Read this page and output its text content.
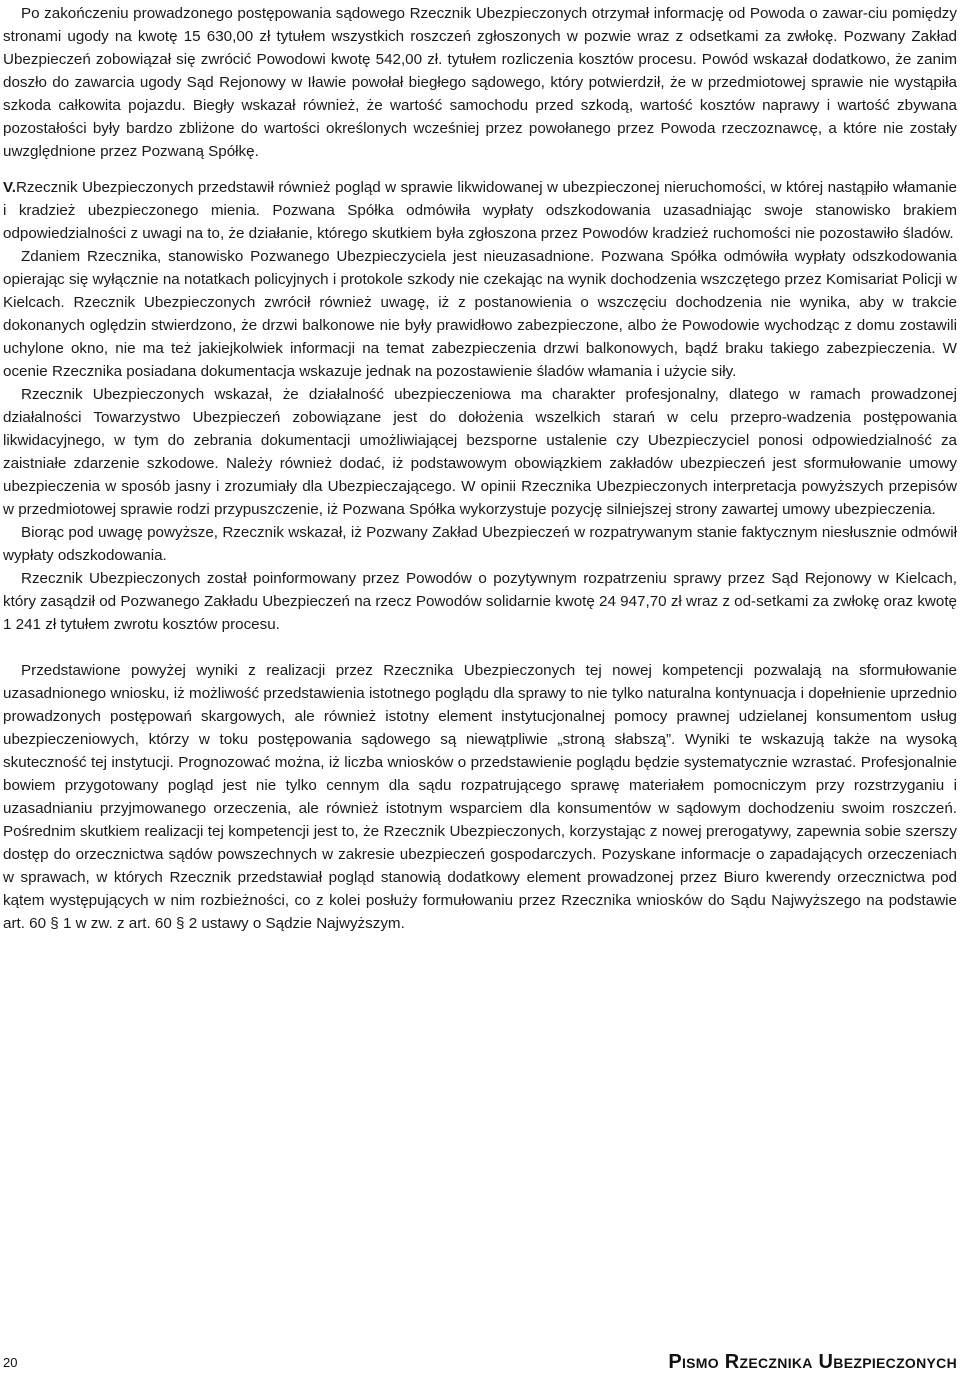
Po zakończeniu prowadzonego postępowania sądowego Rzecznik Ubezpieczonych otrzymał informację od Powoda o zawar-ciu pomiędzy stronami ugody na kwotę 15 630,00 zł tytułem wszystkich roszczeń zgłoszonych w pozwie wraz z odsetkami za zwłokę. Pozwany Zakład Ubezpieczeń zobowiązał się zwrócić Powodowi kwotę 542,00 zł. tytułem rozliczenia kosztów procesu. Powód wskazał dodatkowo, że zanim doszło do zawarcia ugody Sąd Rejonowy w Iławie powołał biegłego sądowego, który potwierdził, że w przedmiotowej sprawie nie wystąpiła szkoda całkowita pojazdu. Biegły wskazał również, że wartość samochodu przed szkodą, wartość kosztów naprawy i wartość zbywana pozostałości były bardzo zbliżone do wartości określonych wcześniej przez powołanego przez Powoda rzeczoznawcę, a które nie zostały uwzględnione przez Pozwaną Spółkę.

V.Rzecznik Ubezpieczonych przedstawił również pogląd w sprawie likwidowanej w ubezpieczonej nieruchomości, w której nastąpiło włamanie i kradzież ubezpieczonego mienia. Pozwana Spółka odmówiła wypłaty odszkodowania uzasadniając swoje stanowisko brakiem odpowiedzialności z uwagi na to, że działanie, którego skutkiem była zgłoszona przez Powodów kradzież ruchomości nie pozostawiło śladów.

Zdaniem Rzecznika, stanowisko Pozwanego Ubezpieczyciela jest nieuzasadnione. Pozwana Spółka odmówiła wypłaty odszkodowania opierając się wyłącznie na notatkach policyjnych i protokole szkody nie czekając na wynik dochodzenia wszczętego przez Komisariat Policji w Kielcach. Rzecznik Ubezpieczonych zwrócił również uwagę, iż z postanowienia o wszczęciu dochodzenia nie wynika, aby w trakcie dokonanych oględzin stwierdzono, że drzwi balkonowe nie były prawidłowo zabezpieczone, albo że Powodowie wychodząc z domu zostawili uchylone okno, nie ma też jakiejkolwiek informacji na temat zabezpieczenia drzwi balkonowych, bądź braku takiego zabezpieczenia. W ocenie Rzecznika posiadana dokumentacja wskazuje jednak na pozostawienie śladów włamania i użycie siły.

Rzecznik Ubezpieczonych wskazał, że działalność ubezpieczeniowa ma charakter profesjonalny, dlatego w ramach prowadzonej działalności Towarzystwo Ubezpieczeń zobowiązane jest do dołożenia wszelkich starań w celu przepro-wadzenia postępowania likwidacyjnego, w tym do zebrania dokumentacji umożliwiającej bezsporne ustalenie czy Ubezpieczyciel ponosi odpowiedzialność za zaistniałe zdarzenie szkodowe. Należy również dodać, iż podstawowym obowiązkiem zakładów ubezpieczeń jest sformułowanie umowy ubezpieczenia w sposób jasny i zrozumiały dla Ubezpieczającego. W opinii Rzecznika Ubezpieczonych interpretacja powyższych przepisów w przedmiotowej sprawie rodzi przypuszczenie, iż Pozwana Spółka wykorzystuje pozycję silniejszej strony zawartej umowy ubezpieczenia.

Biorąc pod uwagę powyższe, Rzecznik wskazał, iż Pozwany Zakład Ubezpieczeń w rozpatrywanym stanie faktycznym niesłusznie odmówił wypłaty odszkodowania.

Rzecznik Ubezpieczonych został poinformowany przez Powodów o pozytywnym rozpatrzeniu sprawy przez Sąd Rejonowy w Kielcach, który zasądził od Pozwanego Zakładu Ubezpieczeń na rzecz Powodów solidarnie kwotę 24 947,70 zł wraz z od-setkami za zwłokę oraz kwotę 1 241 zł tytułem zwrotu kosztów procesu.

Przedstawione powyżej wyniki z realizacji przez Rzecznika Ubezpieczonych tej nowej kompetencji pozwalają na sformułowanie uzasadnionego wniosku, iż możliwość przedstawienia istotnego poglądu dla sprawy to nie tylko naturalna kontynuacja i dopełnienie uprzednio prowadzonych postępowań skargowych, ale również istotny element instytucjonalnej pomocy prawnej udzielanej konsumentom usług ubezpieczeniowych, którzy w toku postępowania sądowego są niewątpliwie „stroną słabszą”. Wyniki te wskazują także na wysoką skuteczność tej instytucji. Prognozować można, iż liczba wniosków o przedstawienie poglądu będzie systematycznie wzrastać. Profesjonalnie bowiem przygotowany pogląd jest nie tylko cennym dla sądu rozpatrującego sprawę materiałem pomocniczym przy rozstrzyganiu i uzasadnianiu przyjmowanego orzeczenia, ale również istotnym wsparciem dla konsumentów w sądowym dochodzeniu swoim roszczeń. Pośrednim skutkiem realizacji tej kompetencji jest to, że Rzecznik Ubezpieczonych, korzystając z nowej prerogatywy, zapewnia sobie szerszy dostęp do orzecznictwa sądów powszechnych w zakresie ubezpieczeń gospodarczych. Pozyskane informacje o zapadających orzeczeniach w sprawach, w których Rzecznik przedstawiał pogląd stanowią dodatkowy element prowadzonej przez Biuro kwerendy orzecznictwa pod kątem występujących w nim rozbieżności, co z kolei posłuży formułowaniu przez Rzecznika wniosków do Sądu Najwyższego na podstawie art. 60 § 1 w zw. z art. 60 § 2 ustawy o Sądzie Najwyższym.

20	Pismo Rzecznika Ubezpieczonych
